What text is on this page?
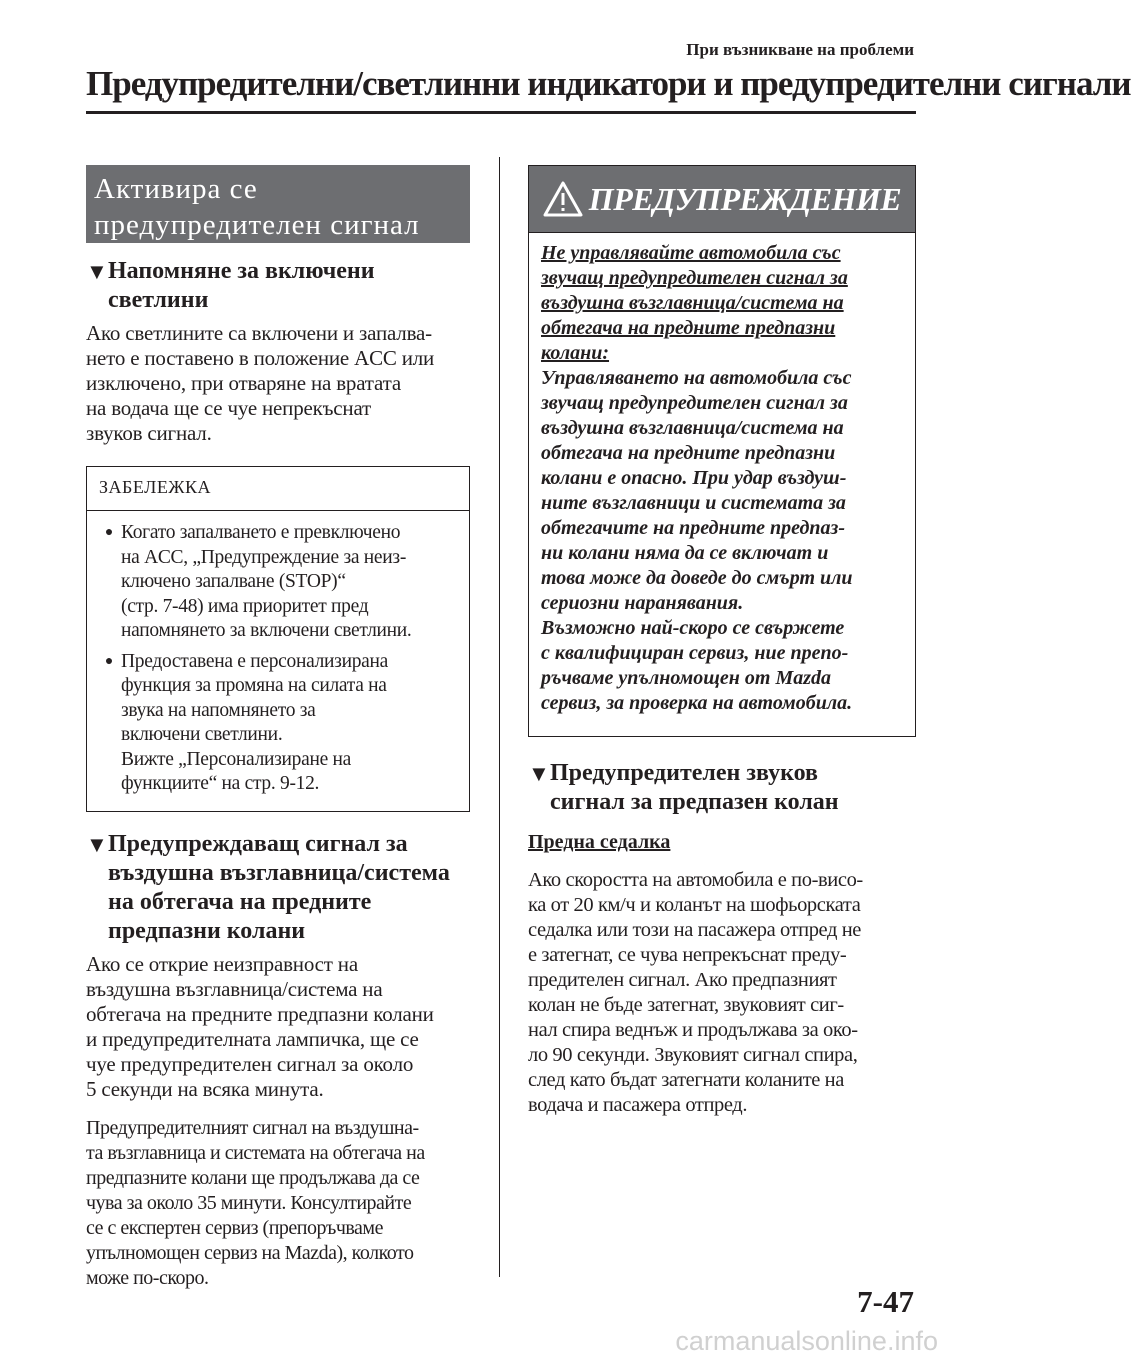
При възникване на проблеми
Предупредителни/светлинни индикатори и предупредителни сигнали
Активира се
предупредителен сигнал
▼ Напомняне за включени
светлини
Ако светлините са включени и запалва-
нето е поставено в положение ACC или
изключено, при отваряне на вратата
на водача ще се чуе непрекъснат
звуков сигнал.
ЗАБЕЛЕЖКА
● Когато запалването е превключено
на ACC, „Предупреждение за неиз-
ключено запалване (STOP)“
(стр. 7-48) има приоритет пред
напомнянето за включени светлини.
● Предоставена е персонализирана
функция за промяна на силата на
звука на напомнянето за
включени светлини.
Вижте „Персонализиране на
функциите“ на стр. 9-12.
▼ Предупреждаващ сигнал за
въздушна възглавница/система
на обтегача на предните
предпазни колани
Ако се открие неизправност на
въздушна възглавница/система на
обтегача на предните предпазни колани
и предупредителната лампичка, ще се
чуе предупредителен сигнал за около
5 секунди на всяка минута.
Предупредителният сигнал на въздушна-
та възглавница и системата на обтегача на
предпазните колани ще продължава да се
чува за около 35 минути. Консултирайте
се с експертен сервиз (препоръчваме
упълномощен сервиз на Mazda), колкото
може по-скоро.
ПРЕДУПРЕЖДЕНИЕ

Не управлявайте автомобила със
звучащ предупредителен сигнал за
въздушна възглавница/система на
обтегача на предните предпазни
колани:

Управляването на автомобила със
звучащ предупредителен сигнал за
въздушна възглавница/система на
обтегача на предните предпазни
колани е опасно. При удар въздуш-
ните възглавници и системата за
обтегачите на предните предпаз-
ни колани няма да се включат и
това може да доведе до смърт или
сериозни наранявания.
Възможно най-скоро се свържете
с квалифициран сервиз, ние препо-
ръчваме упълномощен от Mazda
сервиз, за проверка на автомобила.

▼ Предупредителен звуков
сигнал за предпазен колан
Предна седалка
Ако скоростта на автомобила е по-висо-
ка от 20 км/ч и коланът на шофьорската
седалка или този на пасажера отпред не
е затегнат, се чува непрекъснат преду-
предителен сигнал. Ако предпазният
колан не бъде затегнат, звуковият сиг-
нал спира веднъж и продължава за око-
ло 90 секунди. Звуковият сигнал спира,
след като бъдат затегнати коланите на
водача и пасажера отпред.
7-47
carmanualsonline.info
